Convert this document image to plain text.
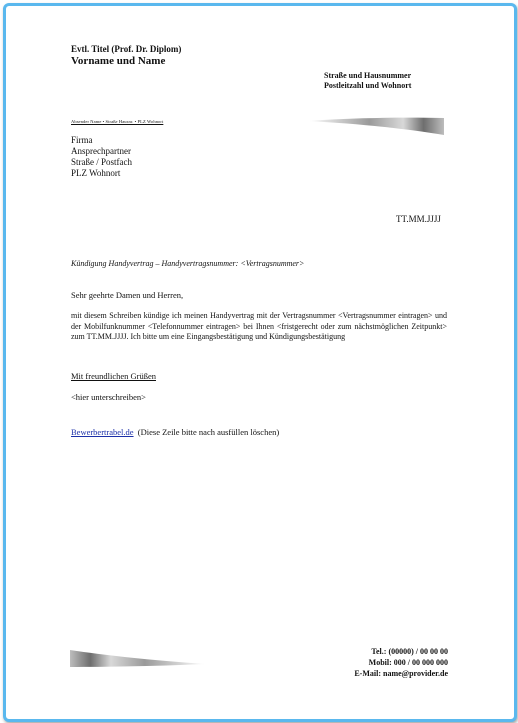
Evtl. Titel (Prof. Dr. Diplom)
Vorname und Name
Straße und Hausnummer
Postleitzahl und Wohnort
Absender Name • Straße Hausnr. • PLZ Wohnort
Firma
Ansprechpartner
Straße / Postfach
PLZ Wohnort
TT.MM.JJJJ
Kündigung Handyvertrag – Handyvertragsnummer: <Vertragsnummer>
Sehr geehrte Damen und Herren,
mit diesem Schreiben kündige ich meinen Handyvertrag mit der Vertragsnummer <Vertragsnummer eintragen> und der Mobilfunknummer <Telefonnummer eintragen> bei Ihnen <fristgerecht oder zum nächstmöglichen Zeitpunkt> zum TT.MM.JJJJ. Ich bitte um eine Eingangsbestätigung und Kündigungsbestätigung
Mit freundlichen Grüßen
<hier unterschreiben>
Bewerbertrabel.de (Diese Zeile bitte nach ausfüllen löschen)
Tel.: (00000) / 00 00 00
Mobil: 000 / 00 000 000
E-Mail: name@provider.de
